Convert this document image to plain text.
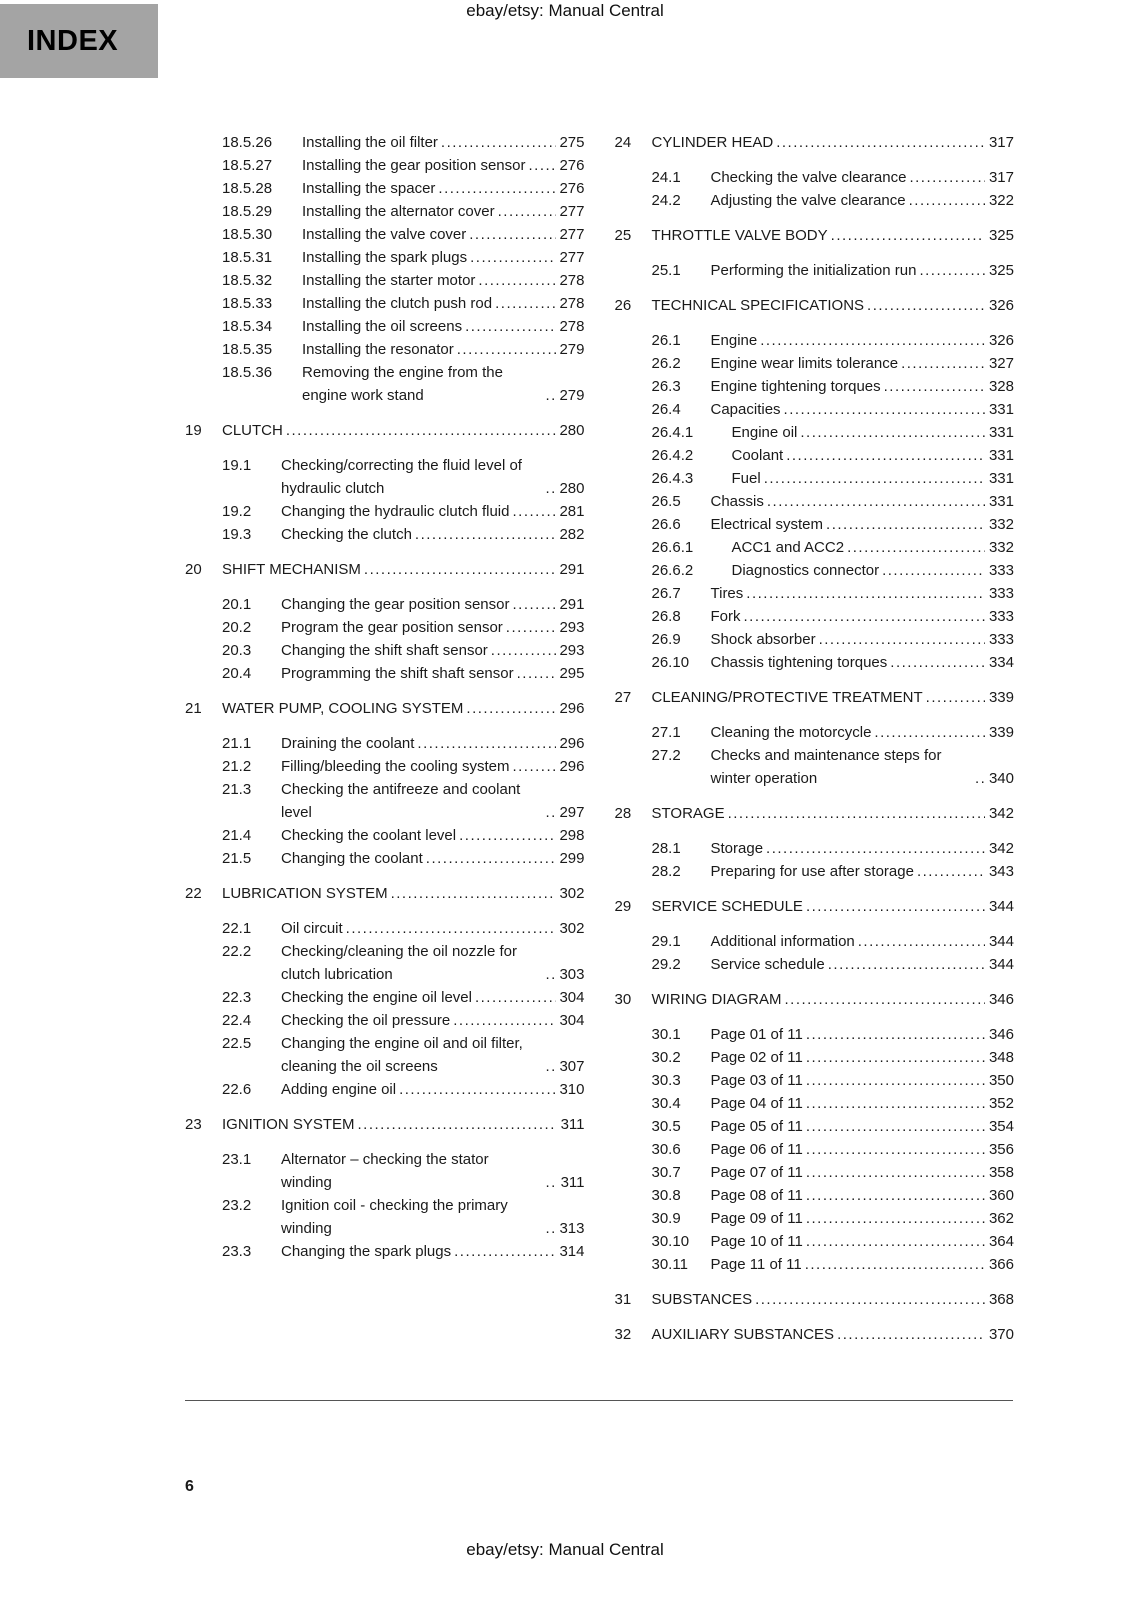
ebay/etsy: Manual Central
INDEX
18.5.26	Installing the oil filter .....	275
18.5.27	Installing the gear position sensor ..... 276
18.5.28	Installing the spacer .....	276
18.5.29	Installing the alternator cover .....	277
18.5.30	Installing the valve cover .....	277
18.5.31	Installing the spark plugs .....	277
18.5.32	Installing the starter motor .....	278
18.5.33	Installing the clutch push rod .....	278
18.5.34	Installing the oil screens .....	278
18.5.35	Installing the resonator .....	279
18.5.36	Removing the engine from the engine work stand .....	279
19	CLUTCH .....	280
19.1	Checking/correcting the fluid level of hydraulic clutch .....	280
19.2	Changing the hydraulic clutch fluid .....	281
19.3	Checking the clutch .....	282
20	SHIFT MECHANISM .....	291
20.1	Changing the gear position sensor .....	291
20.2	Program the gear position sensor .....	293
20.3	Changing the shift shaft sensor .....	293
20.4	Programming the shift shaft sensor .....	295
21	WATER PUMP, COOLING SYSTEM .....	296
21.1	Draining the coolant .....	296
21.2	Filling/bleeding the cooling system .....	296
21.3	Checking the antifreeze and coolant level .....	297
21.4	Checking the coolant level .....	298
21.5	Changing the coolant .....	299
22	LUBRICATION SYSTEM .....	302
22.1	Oil circuit .....	302
22.2	Checking/cleaning the oil nozzle for clutch lubrication .....	303
22.3	Checking the engine oil level .....	304
22.4	Checking the oil pressure .....	304
22.5	Changing the engine oil and oil filter, cleaning the oil screens .....	307
22.6	Adding engine oil .....	310
23	IGNITION SYSTEM .....	311
23.1	Alternator – checking the stator winding .....	311
23.2	Ignition coil - checking the primary winding .....	313
23.3	Changing the spark plugs .....	314
24	CYLINDER HEAD .....	317
24.1	Checking the valve clearance .....	317
24.2	Adjusting the valve clearance .....	322
25	THROTTLE VALVE BODY .....	325
25.1	Performing the initialization run .....	325
26	TECHNICAL SPECIFICATIONS .....	326
26.1	Engine .....	326
26.2	Engine wear limits tolerance .....	327
26.3	Engine tightening torques .....	328
26.4	Capacities .....	331
26.4.1	Engine oil .....	331
26.4.2	Coolant .....	331
26.4.3	Fuel .....	331
26.5	Chassis .....	331
26.6	Electrical system .....	332
26.6.1	ACC1 and ACC2 .....	332
26.6.2	Diagnostics connector .....	333
26.7	Tires .....	333
26.8	Fork .....	333
26.9	Shock absorber .....	333
26.10	Chassis tightening torques .....	334
27	CLEANING/PROTECTIVE TREATMENT .....	339
27.1	Cleaning the motorcycle .....	339
27.2	Checks and maintenance steps for winter operation .....	340
28	STORAGE .....	342
28.1	Storage .....	342
28.2	Preparing for use after storage .....	343
29	SERVICE SCHEDULE .....	344
29.1	Additional information .....	344
29.2	Service schedule .....	344
30	WIRING DIAGRAM .....	346
30.1	Page 01 of 11 .....	346
30.2	Page 02 of 11 .....	348
30.3	Page 03 of 11 .....	350
30.4	Page 04 of 11 .....	352
30.5	Page 05 of 11 .....	354
30.6	Page 06 of 11 .....	356
30.7	Page 07 of 11 .....	358
30.8	Page 08 of 11 .....	360
30.9	Page 09 of 11 .....	362
30.10	Page 10 of 11 .....	364
30.11	Page 11 of 11 .....	366
31	SUBSTANCES .....	368
32	AUXILIARY SUBSTANCES .....	370
6
ebay/etsy: Manual Central
